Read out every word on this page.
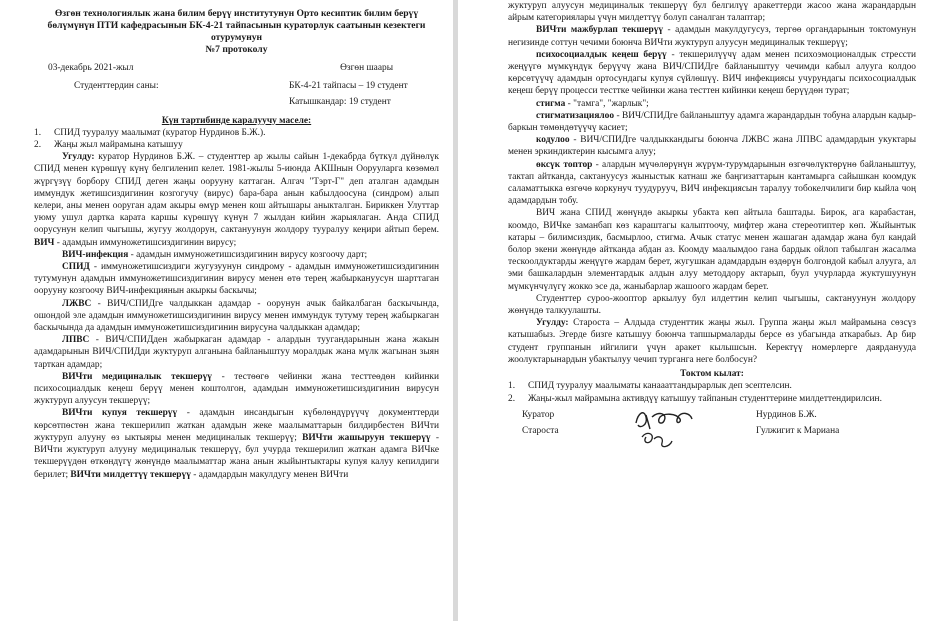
Өзгөн технологиялык жана билим берүү институтунун Орто кесиптик билим берүү
бөлүмүнүн ПТИ кафедрасынын БК-4-21 тайпасынын кураторлук саатынын кезектеги
отурумунун
№7 протоколу
03-декабрь 2021-жыл	Өзгөн шаары
Студенттердин саны:	БК-4-21 тайпасы – 19 студент
Катышкандар: 19 студент
Күн тартибинде каралуучу маселе:
1.	СПИД тууралуу маалымат (куратор Нурдинов Б.Ж.).
2.	Жаңы жыл майрамына катышуу

Угулду: куратор Нурдинов Б.Ж. – студенттер ар жылы сайын 1-декабрда бүткүл дүйнөлүк СПИД менен күрөшүү күнү белгиленип келет. 1981-жылы 5-июнда АКШнын Оорууларга көзөмөл жүргүзүү борбору СПИД деген жаңы оорууну каттаган. Алгач "Тэрт-Г" деп аталган адамдын иммундук жетишсиздигинин козгогучу (вирус) бара-бара анын кабылдоосуна (синдром) алып келери, аны менен ооруган адам акыры өмүр менен кош айтышары аныкталган. Бириккен Улуттар уюму ушул дартка карата каршы күрөшүү күнүн 7 жылдан кийин жарыялаган. Анда СПИД оорусунун келип чыгышы, жугуу жолдорун, сактануунун жолдору тууралуу кеңири айтып берем. ВИЧ - адамдын иммуножетишсиздигинин вирусу;

ВИЧ-инфекция - адамдын иммуножетишсиздигинин вирусу козгоочу дарт;

СПИД - иммуножетишсиздиги жугузуунун синдрому - адамдын иммуножетишсиздигинин тутумунун адамдын иммуножетишсиздигинин вирусу менен өтө терең жабыркануусун шарттаган оорууну козгоочу ВИЧ-инфекциянын акыркы баскычы;

ЛЖВС - ВИЧ/СПИДге чалдыккан адамдар - оорунун ачык байкалбаган баскычында, ошондой эле адамдын иммуножетишсиздигинин вирусу менен иммундук тутуму терең жабыркаган баскычында да адамдын иммуножетишсиздигинин вирусуна чалдыккан адамдар;

ЛПВС - ВИЧ/СПИДден жабыркаган адамдар - алардын туугандарынын жана жакын адамдарынын ВИЧ/СПИДди жуктуруп алганына байланыштуу моралдык жана мүлк жагынан зыян тарткан адамдар;

ВИЧти медициналык текшерүү - тестөөгө чейинки жана тесттеөдөн кийинки психосоциалдык кеңеш берүү менен коштолгон, адамдын иммуножетишсиздигинин вирусун жуктуруп алуусун текшерүү;

ВИЧти купуя текшерүү - адамдын инсандыгын күбөлөндүрүүчү документтерди көрсөтпөстөн жана текшерилип жаткан адамдын жеке маалыматтарын билдирбестен ВИЧти жуктуруп алууну өз ыктыяры менен медициналык текшерүү; ВИЧти жашыруун текшерүү - ВИЧти жуктуруп алууну медициналык текшерүү, бул учурда текшерилип жаткан адамга ВИЧке текшерүүдөн өткөндүгү жөнүндө маалыматтар жана анын жыйынтыктары купуя калуу кепилдиги берилет; ВИЧти милдеттүү текшерүү - адамдардын макулдугу менен ВИЧти

жуктуруп алуусун медициналык текшерүү бул белгилүү аракеттерди жасоо жана жарандардын айрым категориялары үчүн милдеттүү болуп саналган талаптар;

ВИЧти мажбурлап текшерүү - адамдын макулдугусуз, тергөө органдарынын токтомунун негизинде соттун чечими боюнча ВИЧти жуктуруп алуусун медициналык текшерүү;

психосоциалдык кеңеш берүү - текшерилүүчү адам менен психоэмоционалдык стрессти жеңүүгө мүмкүндүк берүүчү жана ВИЧ/СПИДге байланыштуу чечимди кабыл алууга колдоо көрсөтүүчү адамдын ортосундагы купуя сүйлөшүү. ВИЧ инфекциясы учурундагы психосоциалдык кеңеш берүү процесси тесттке чейинки жана тесттен кийинки кеңеш берүүдөн турат;

стигма - "тамга", "жарлык";

стигматизациялоо - ВИЧ/СПИДге байланыштуу адамга жарандардын тобуна алардын кадыр-баркын төмөндөтүүчү касиет;

кодулоо - ВИЧ/СПИДге чалдыккандыгы боюнча ЛЖВС жана ЛПВС адамдардын укуктары менен эркиндиктерин кысымга алуу;

өксүк топтор - алардын мүчөлөрүнүн жүрүм-турумдарынын өзгөчөлүктөрүнө байланыштуу, тактап айтканда, сактануусуз жыныстык катнаш же баңгизаттарын кантамырга сайышкан коомдук саламаттыкка өзгөчө коркунуч туудурууч, ВИЧ инфекциясын таралуу тобокелчилиги бир кыйла чоң адамдардын тобу.

ВИЧ жана СПИД жөнүндө акыркы убакта көп айтыла баштады. Бирок, ага карабастан, коомдо, ВИЧке заманбап көз караштагы калыптоочу, мифтер жана стереотиптер көп. Жыйынтык катары – билимсиздик, басмырлоо, стигма. Ачык статус менен жашаган адамдар жана бул кандай болор экени жөнүндө айтканда абдан аз. Коомду маалымдоо гана бардык ойлоп табылган жасалма тескоолдуктарды жеңүүгө жардам берет, жугушкан адамдардын өздөрүн болгондой кабыл алууга, ал эми башкалардын элементардык алдын алуу методдору актарып, буул учурларда жуктушуунун мүмкүнчүлүгү жокко эсе да, жаныбарлар жашоого жардам берет.

Студенттер суроо-жооптор аркылуу бул илдеттин келип чыгышы, сактануунун жолдору жөнүндө талкуулашты.

Угулду: Староста – Алдыда студенттик жаңы жыл. Группа жаңы жыл майрамына сөзсүз катышабыз. Эгерде бизге катышуу боюнча тапшырмаларды берсе өз убагында аткарабыз. Ар бир студент группанын ийгилиги үчүн аракет кылышсын. Керектүү номерлерге даярданууда жоолуктарынардын убактылуу чечип турганга неге болбосун?

Токтом кылат:
1.	СПИД тууралуу маалыматы канаааттандырарлык деп эсептелсин.
2.	Жаңы-жыл майрамына активдүү катышуу тайпанын студенттерине милдеттендирилсин.
Куратор	Нурдинов Б.Ж.
Староста	Гулжигит к Мариана
